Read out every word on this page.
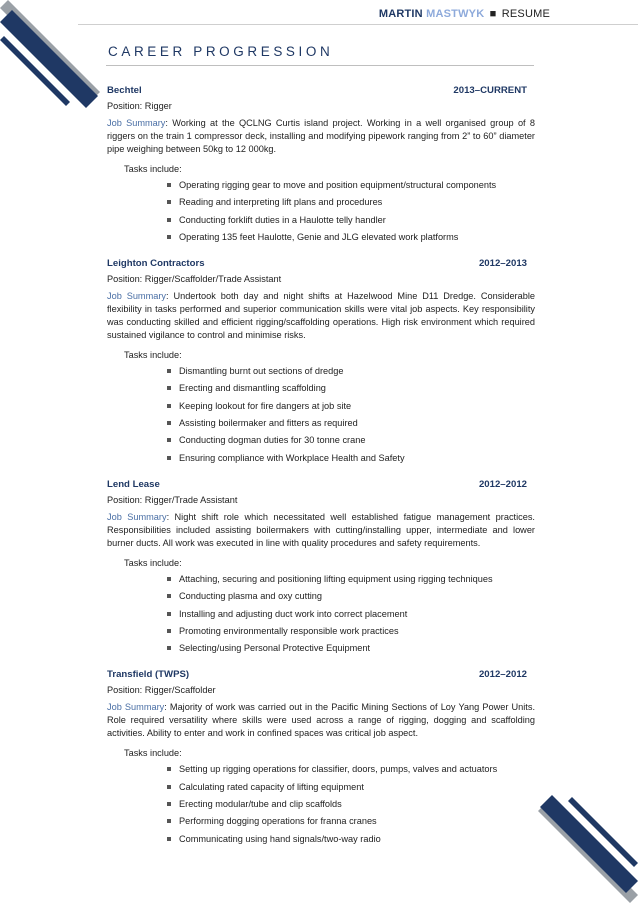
MARTIN MASTWYK ■ RESUME
CAREER PROGRESSION
Bechtel	2013–CURRENT
Position: Rigger
Job Summary: Working at the QCLNG Curtis island project. Working in a well organised group of 8 riggers on the train 1 compressor deck, installing and modifying pipework ranging from 2” to 60” diameter pipe weighing between 50kg to 12 000kg.
Tasks include:
Operating rigging gear to move and position equipment/structural components
Reading and interpreting lift plans and procedures
Conducting forklift duties in a Haulotte telly handler
Operating 135 feet Haulotte, Genie and JLG elevated work platforms
Leighton Contractors	2012–2013
Position: Rigger/Scaffolder/Trade Assistant
Job Summary: Undertook both day and night shifts at Hazelwood Mine D11 Dredge. Considerable flexibility in tasks performed and superior communication skills were vital job aspects. Key responsibility was conducting skilled and efficient rigging/scaffolding operations. High risk environment which required sustained vigilance to control and minimise risks.
Tasks include:
Dismantling burnt out sections of dredge
Erecting and dismantling scaffolding
Keeping lookout for fire dangers at job site
Assisting boilermaker and fitters as required
Conducting dogman duties for 30 tonne crane
Ensuring compliance with Workplace Health and Safety
Lend Lease	2012–2012
Position: Rigger/Trade Assistant
Job Summary: Night shift role which necessitated well established fatigue management practices. Responsibilities included assisting boilermakers with cutting/installing upper, intermediate and lower burner ducts. All work was executed in line with quality procedures and safety requirements.
Tasks include:
Attaching, securing and positioning lifting equipment using rigging techniques
Conducting plasma and oxy cutting
Installing and adjusting duct work into correct placement
Promoting environmentally responsible work practices
Selecting/using Personal Protective Equipment
Transfield (TWPS)	2012–2012
Position: Rigger/Scaffolder
Job Summary: Majority of work was carried out in the Pacific Mining Sections of Loy Yang Power Units. Role required versatility where skills were used across a range of rigging, dogging and scaffolding activities. Ability to enter and work in confined spaces was critical job aspect.
Tasks include:
Setting up rigging operations for classifier, doors, pumps, valves and actuators
Calculating rated capacity of lifting equipment
Erecting modular/tube and clip scaffolds
Performing dogging operations for franna cranes
Communicating using hand signals/two-way radio
